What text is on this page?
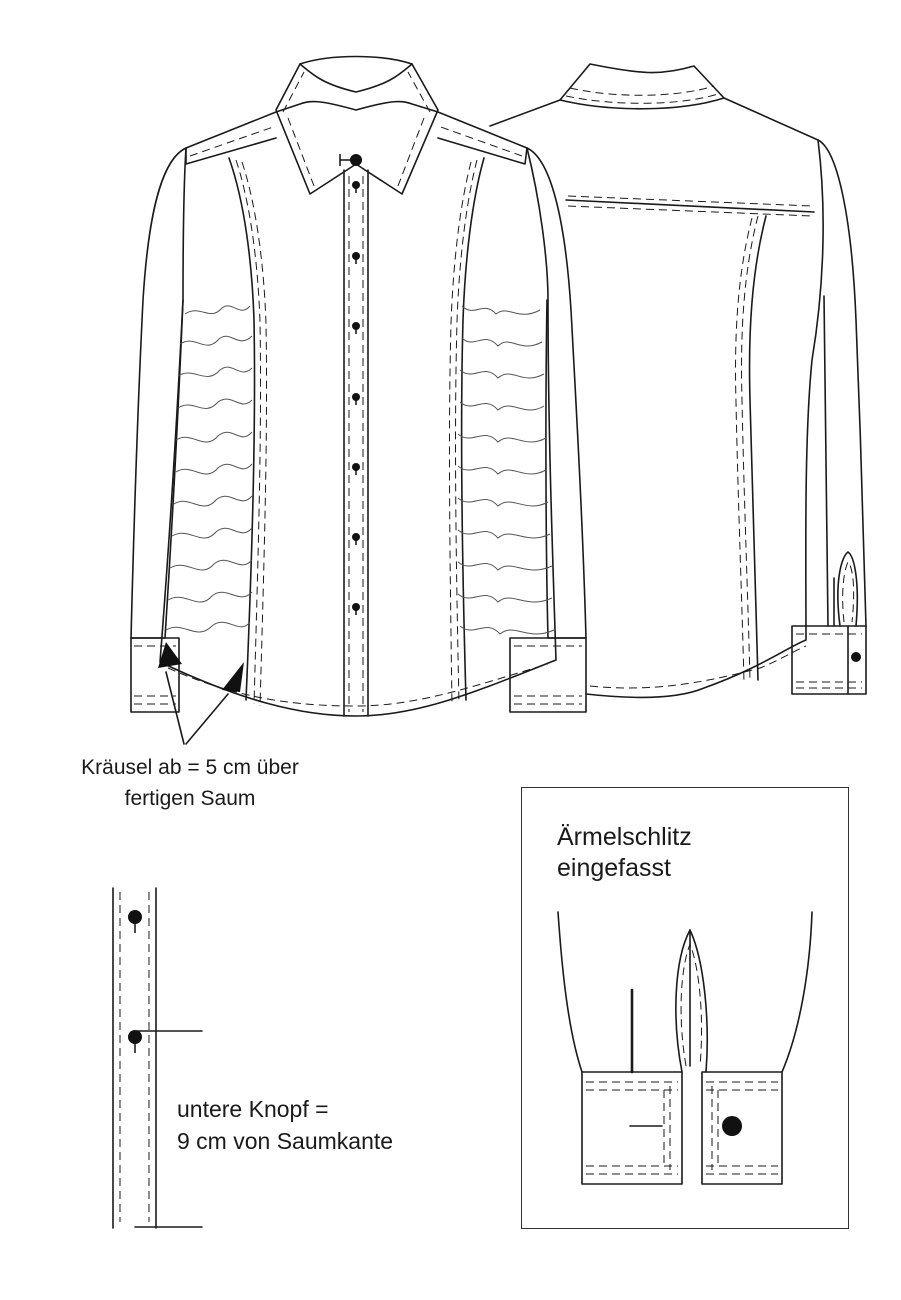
Kräusel ab = 5 cm über
fertigen Saum
untere Knopf =
9 cm von Saumkante
Ärmelschlitz
eingefasst
